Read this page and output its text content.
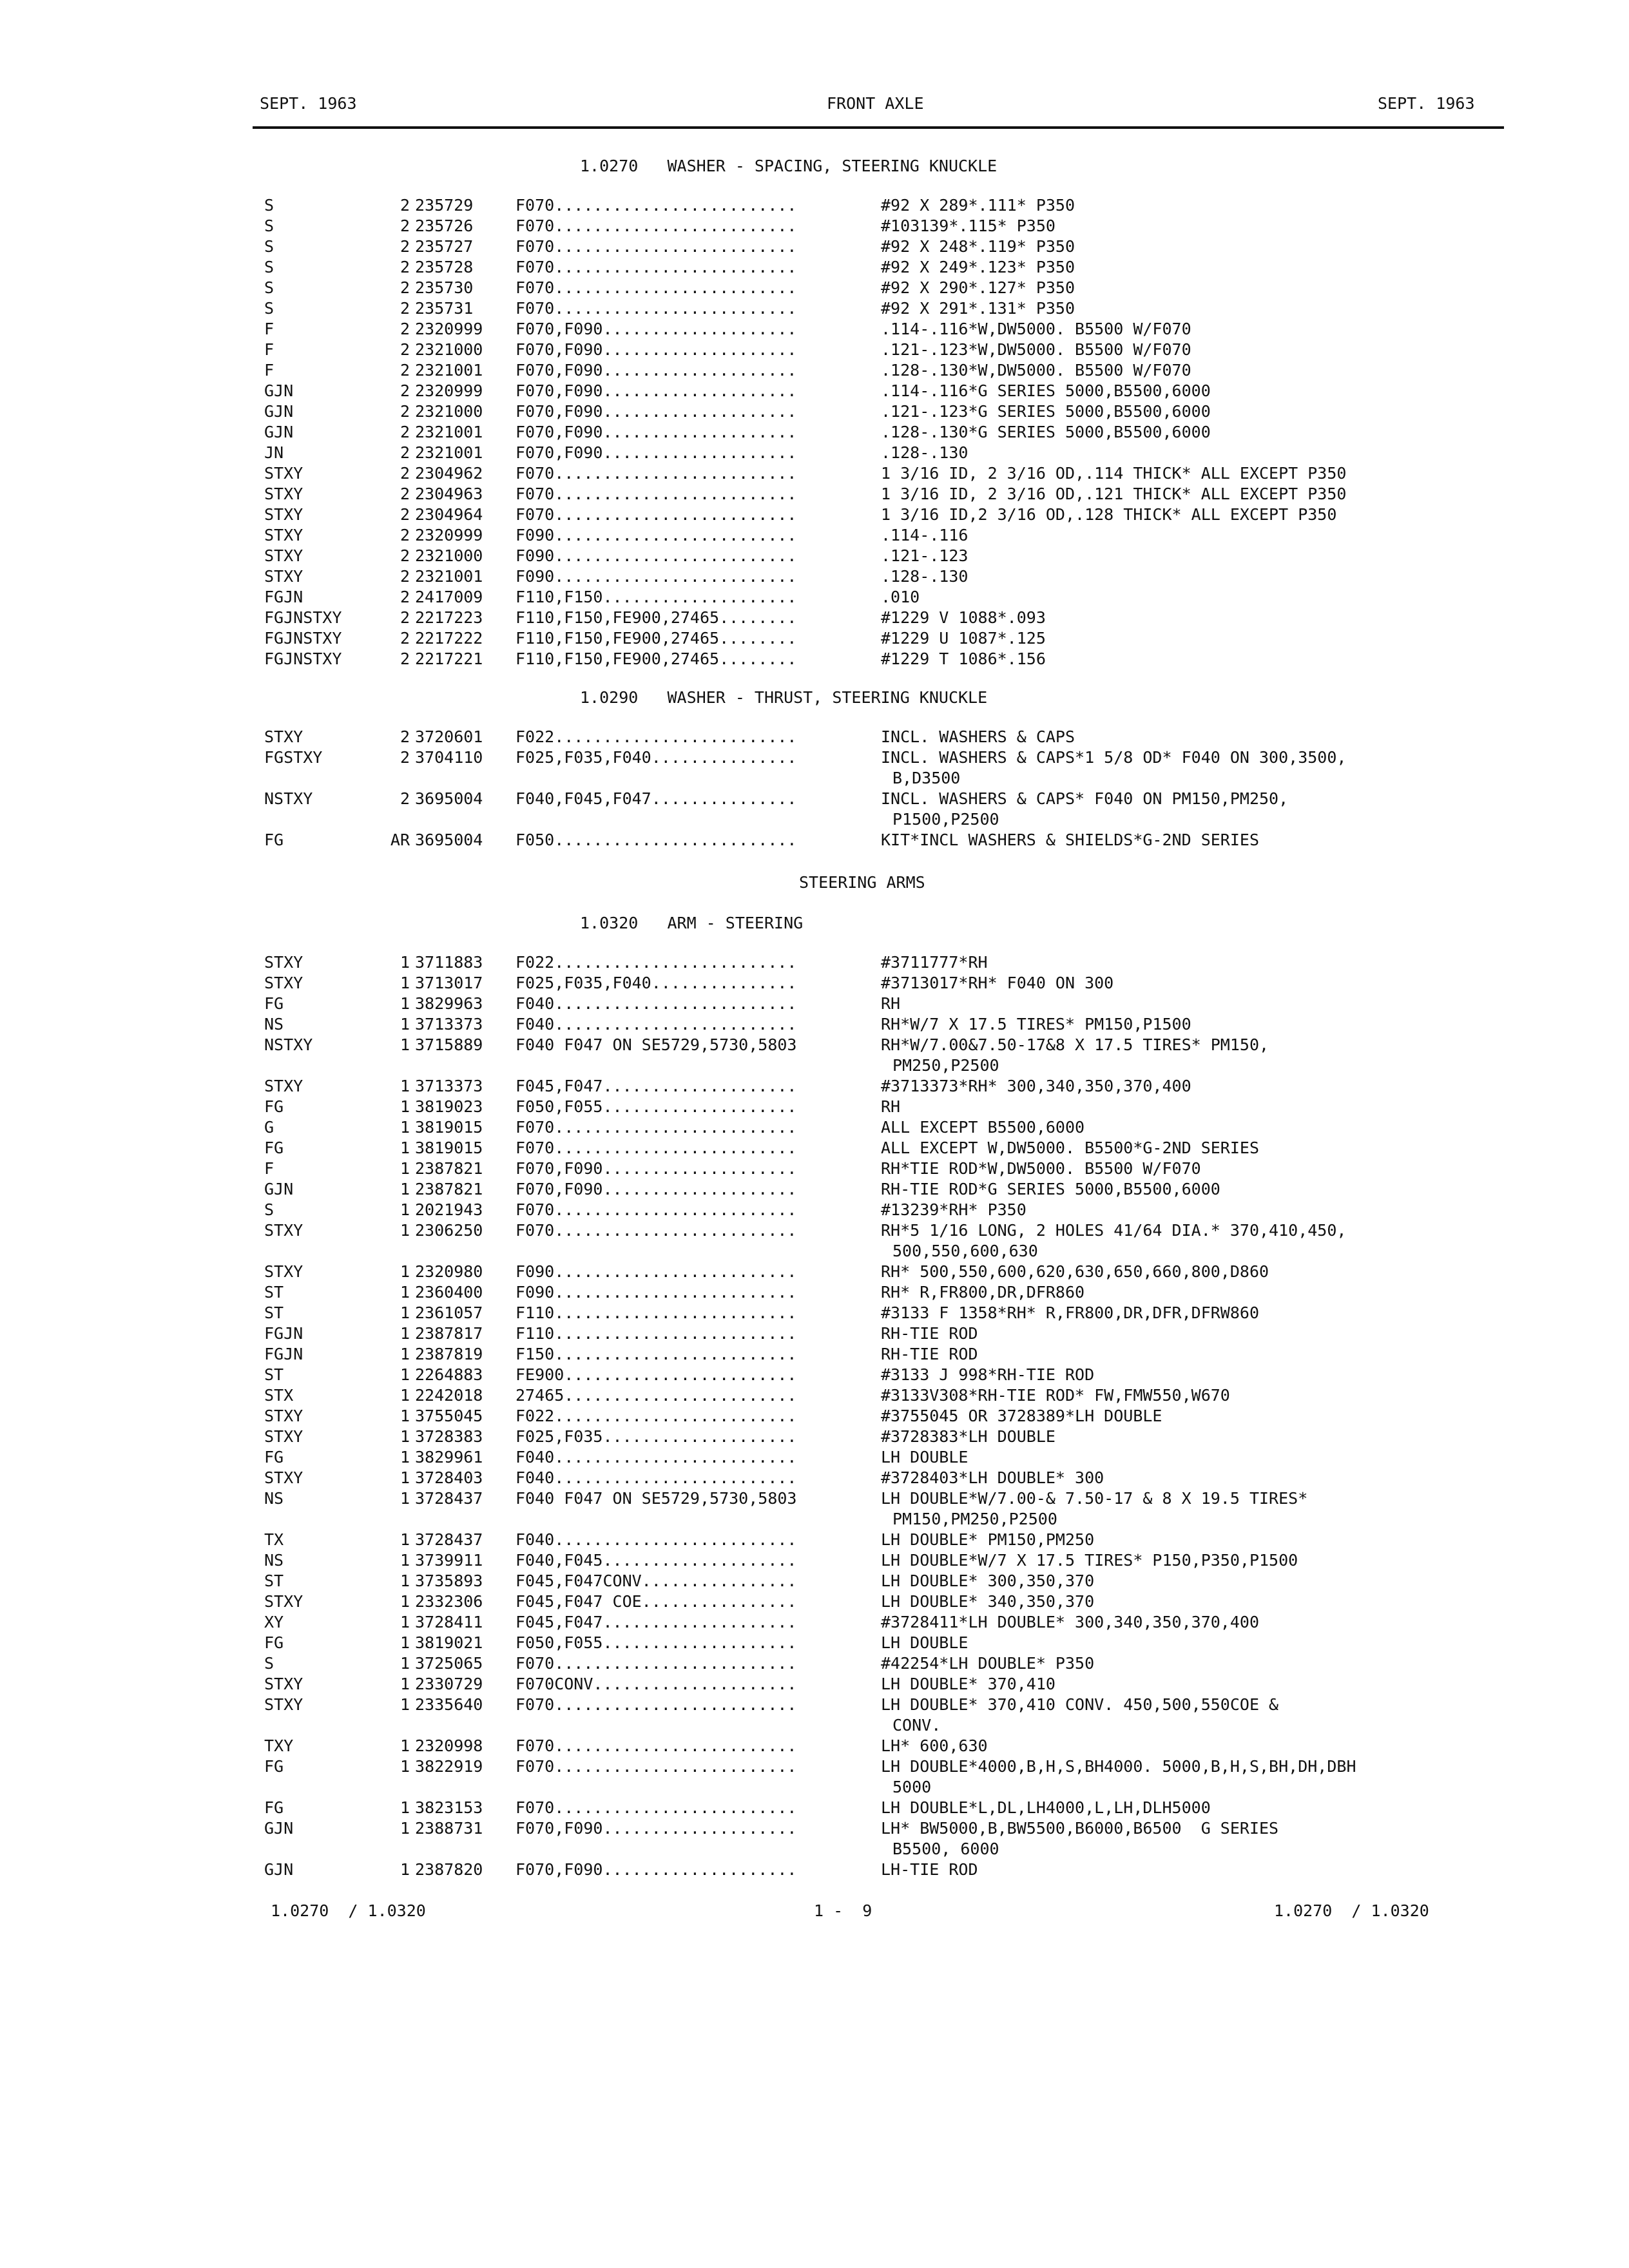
SEPT. 1963	FRONT AXLE	SEPT. 1963
1.0270   WASHER - SPACING, STEERING KNUCKLE
S	2 235729	F070.........................	#92 X 289*.111* P350
S	2 235726	F070.........................	#103139*.115* P350
S	2 235727	F070.........................	#92 X 248*.119* P350
S	2 235728	F070.........................	#92 X 249*.123* P350
S	2 235730	F070.........................	#92 X 290*.127* P350
S	2 235731	F070.........................	#92 X 291*.131* P350
F	2 2320999 F070,F090....................	.114-.116*W,DW5000. B5500 W/F070
F	2 2321000 F070,F090....................	.121-.123*W,DW5000. B5500 W/F070
F	2 2321001 F070,F090....................	.128-.130*W,DW5000. B5500 W/F070
GJN	2 2320999 F070,F090....................	.114-.116*G SERIES 5000,B5500,6000
GJN	2 2321000 F070,F090....................	.121-.123*G SERIES 5000,B5500,6000
GJN	2 2321001 F070,F090....................	.128-.130*G SERIES 5000,B5500,6000
JN	2 2321001 F070,F090....................	.128-.130
STXY	2 2304962 F070.........................	1 3/16 ID, 2 3/16 OD,.114 THICK* ALL EXCEPT P350
STXY	2 2304963 F070.........................	1 3/16 ID, 2 3/16 OD,.121 THICK* ALL EXCEPT P350
STXY	2 2304964 F070.........................	1 3/16 ID,2 3/16 OD,.128 THICK* ALL EXCEPT P350
STXY	2 2320999 F090.........................	.114-.116
STXY	2 2321000 F090.........................	.121-.123
STXY	2 2321001 F090.........................	.128-.130
FGJN	2 2417009 F110,F150....................	.010
FGJNSTXY	2 2217223 F110,F150,FE900,27465........	#1229 V 1088*.093
FGJNSTXY	2 2217222 F110,F150,FE900,27465........	#1229 U 1087*.125
FGJNSTXY	2 2217221 F110,F150,FE900,27465........	#1229 T 1086*.156
1.0290   WASHER - THRUST, STEERING KNUCKLE
STXY	2 3720601 F022.........................	INCL. WASHERS & CAPS
FGSTXY	2 3704110 F025,F035,F040...............	INCL. WASHERS & CAPS*1 5/8 OD* F040 ON 300,3500,
B,D3500
NSTXY	2 3695004 F040,F045,F047...............	INCL. WASHERS & CAPS* F040 ON PM150,PM250,
P1500,P2500
FG	AR 3695004 F050.........................	KIT*INCL WASHERS & SHIELDS*G-2ND SERIES
STEERING ARMS
1.0320   ARM - STEERING
STXY	1 3711883 F022.........................	#3711777*RH
STXY	1 3713017 F025,F035,F040...............	#3713017*RH* F040 ON 300
FG	1 3829963 F040.........................	RH
NS	1 3713373 F040.........................	RH*W/7 X 17.5 TIRES* PM150,P1500
NSTXY	1 3715889 F040 F047 ON SE5729,5730,5803	RH*W/7.00&7.50-17&8 X 17.5 TIRES* PM150,
PM250,P2500
STXY	1 3713373 F045,F047....................	#3713373*RH* 300,340,350,370,400
FG	1 3819023 F050,F055....................	RH
G	1 3819015 F070.........................	ALL EXCEPT B5500,6000
FG	1 3819015 F070.........................	ALL EXCEPT W,DW5000. B5500*G-2ND SERIES
F	1 2387821 F070,F090....................	RH*TIE ROD*W,DW5000. B5500 W/F070
GJN	1 2387821 F070,F090....................	RH-TIE ROD*G SERIES 5000,B5500,6000
S	1 2021943 F070.........................	#13239*RH* P350
STXY	1 2306250 F070.........................	RH*5 1/16 LONG, 2 HOLES 41/64 DIA.* 370,410,450,
500,550,600,630
STXY	1 2320980 F090.........................	RH* 500,550,600,620,630,650,660,800,D860
ST	1 2360400 F090.........................	RH* R,FR800,DR,DFR860
ST	1 2361057 F110.........................	#3133 F 1358*RH* R,FR800,DR,DFR,DFRW860
FGJN	1 2387817 F110.........................	RH-TIE ROD
FGJN	1 2387819 F150.........................	RH-TIE ROD
ST	1 2264883 FE900........................	#3133 J 998*RH-TIE ROD
STX	1 2242018 27465........................	#3133V308*RH-TIE ROD* FW,FMW550,W670
STXY	1 3755045 F022.........................	#3755045 OR 3728389*LH DOUBLE
STXY	1 3728383 F025,F035....................	#3728383*LH DOUBLE
FG	1 3829961 F040.........................	LH DOUBLE
STXY	1 3728403 F040.........................	#3728403*LH DOUBLE* 300
NS	1 3728437 F040 F047 ON SE5729,5730,5803	LH DOUBLE*W/7.00-& 7.50-17 & 8 X 19.5 TIRES*
PM150,PM250,P2500
TX	1 3728437 F040.........................	LH DOUBLE* PM150,PM250
NS	1 3739911 F040,F045....................	LH DOUBLE*W/7 X 17.5 TIRES* P150,P350,P1500
ST	1 3735893 F045,F047CONV................	LH DOUBLE* 300,350,370
STXY	1 2332306 F045,F047 COE................	LH DOUBLE* 340,350,370
XY	1 3728411 F045,F047....................	#3728411*LH DOUBLE* 300,340,350,370,400
FG	1 3819021 F050,F055....................	LH DOUBLE
S	1 3725065 F070.........................	#42254*LH DOUBLE* P350
STXY	1 2330729 F070CONV.....................	LH DOUBLE* 370,410
STXY	1 2335640 F070.........................	LH DOUBLE* 370,410 CONV. 450,500,550COE &
CONV.
TXY	1 2320998 F070.........................	LH* 600,630
FG	1 3822919 F070.........................	LH DOUBLE*4000,B,H,S,BH4000. 5000,B,H,S,BH,DH,DBH
5000
FG	1 3823153 F070.........................	LH DOUBLE*L,DL,LH4000,L,LH,DLH5000
GJN	1 2388731 F070,F090....................	LH* BW5000,B,BW5500,B6000,B6500  G SERIES
B5500, 6000
GJN	1 2387820 F070,F090....................	LH-TIE ROD
1.0270  / 1.0320	1 -  9	1.0270  / 1.0320
